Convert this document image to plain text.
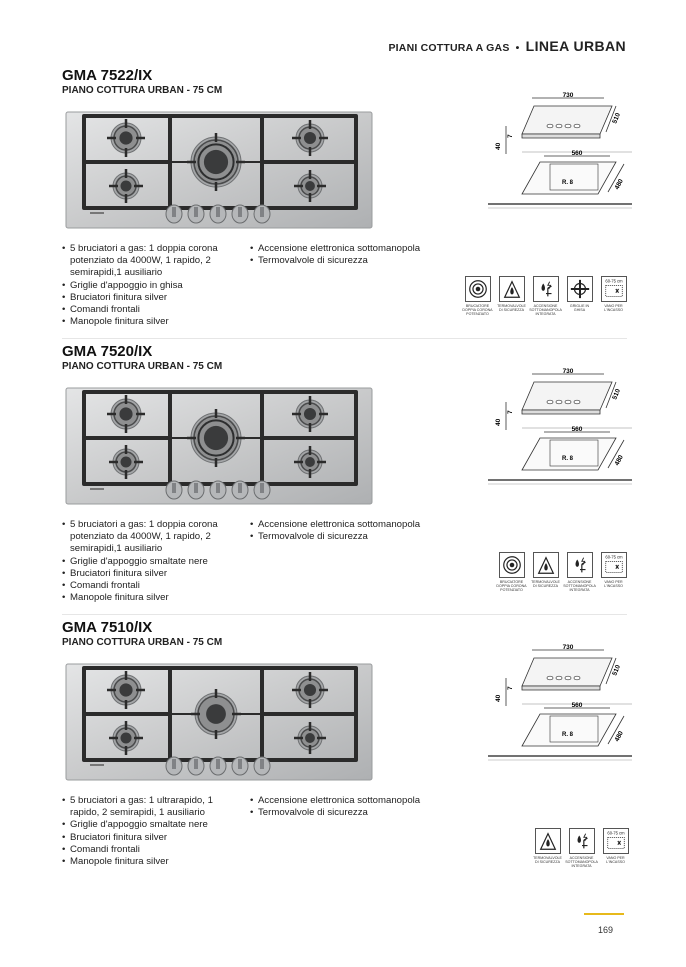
PIANI COTTURA A GAS • LINEA URBAN
GMA 7522/IX
PIANO COTTURA URBAN - 75 CM	730
510
7
40
560
R. 8	480
• 5 bruciatori a gas: 1 doppia corona potenziato da 4000W, 1 rapido, 2 semirapidi,1 ausiliario
• Griglie d'appoggio in ghisa
• Bruciatori finitura silver
• Comandi frontali
• Manopole finitura silver
• Accensione elettronica sottomanopola
• Termovalvole di sicurezza
BRUCIATORE DOPPIA CORONA POTENZIATO
TERMOVALVOLE DI SICUREZZA
ACCENSIONE SOTTOMANOPOLA INTEGRATA
GRIGLIE IN GHISA
60-75 cm
VANO PER L'INCASSO
GMA 7520/IX
PIANO COTTURA URBAN - 75 CM	730
510
7
40
560
R. 8	480
• 5 bruciatori a gas: 1 doppia corona potenziato da 4000W, 1 rapido, 2 semirapidi,1 ausiliario
• Griglie d'appoggio smaltate nere
• Bruciatori finitura silver
• Comandi frontali
• Manopole finitura silver
• Accensione elettronica sottomanopola
• Termovalvole di sicurezza
BRUCIATORE DOPPIA CORONA POTENZIATO
TERMOVALVOLE DI SICUREZZA
ACCENSIONE SOTTOMANOPOLA INTEGRATA
60-75 cm
VANO PER L'INCASSO
GMA 7510/IX
PIANO COTTURA URBAN - 75 CM	730
510
7
40
560
R. 8	480
• 5 bruciatori a gas: 1 ultrarapido, 1 rapido, 2 semirapidi, 1 ausiliario
• Griglie d'appoggio smaltate nere
• Bruciatori finitura silver
• Comandi frontali
• Manopole finitura silver
• Accensione elettronica sottomanopola
• Termovalvole di sicurezza
TERMOVALVOLE DI SICUREZZA
ACCENSIONE SOTTOMANOPOLA INTEGRATA
60-75 cm
VANO PER L'INCASSO
169
